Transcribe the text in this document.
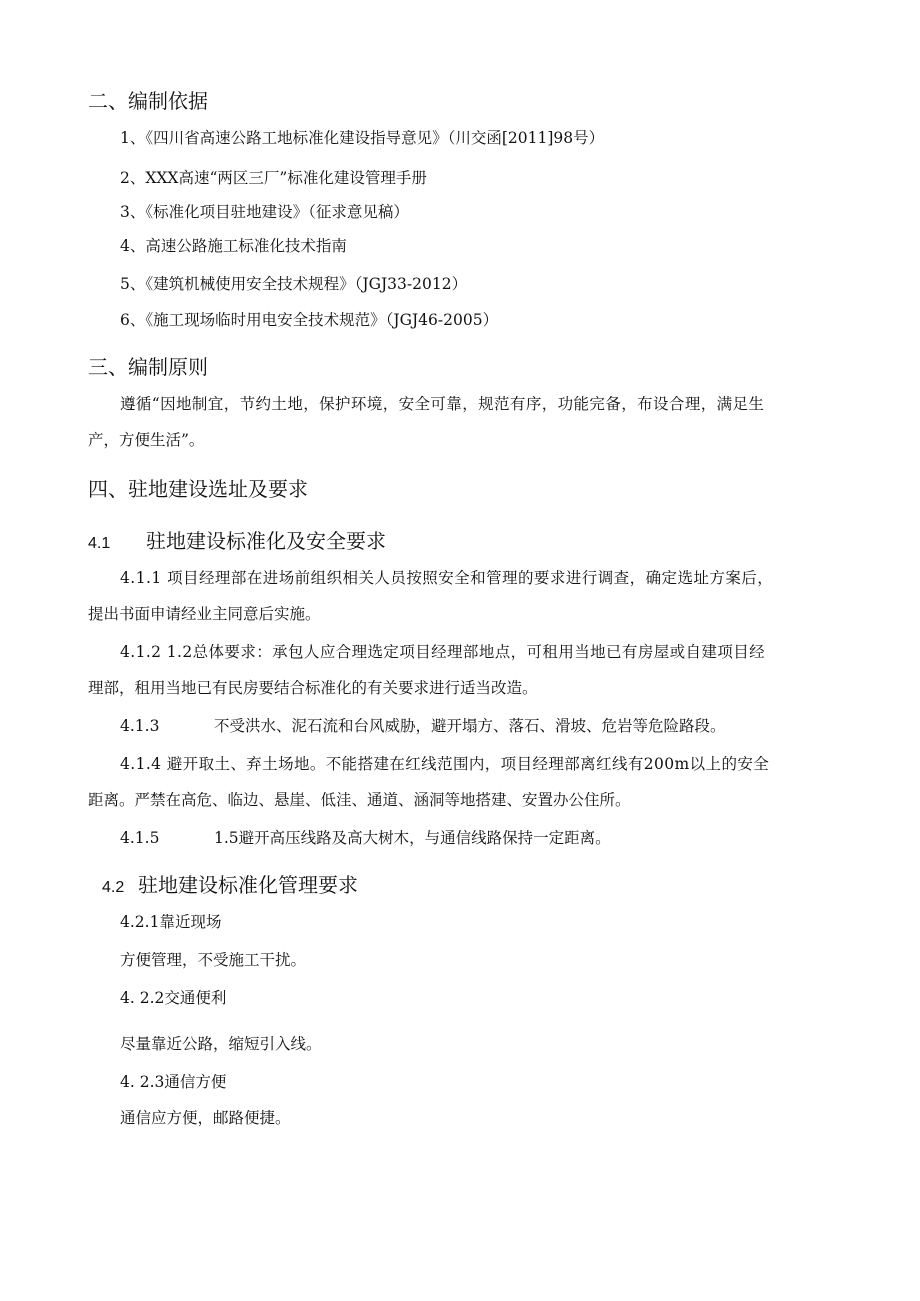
二、编制依据
1、《四川省高速公路工地标准化建设指导意见》（川交函[2011]98号）
2、XXX高速“两区三厂”标准化建设管理手册
3、《标准化项目驻地建设》（征求意见稿）
4、高速公路施工标准化技术指南
5、《建筑机械使用安全技术规程》（JGJ33-2012）
6、《施工现场临时用电安全技术规范》（JGJ46-2005）
三、编制原则
遵循“因地制宜，节约土地，保护环境，安全可靠，规范有序，功能完备，布设合理，满足生
产，方便生活”。
四、驻地建设选址及要求
4.1 驻地建设标准化及安全要求
4.1.1 项目经理部在进场前组织相关人员按照安全和管理的要求进行调查，确定选址方案后，
提出书面申请经业主同意后实施。
4.1.2 1.2总体要求：承包人应合理选定项目经理部地点，可租用当地已有房屋或自建项目经
理部，租用当地已有民房要结合标准化的有关要求进行适当改造。
4.1.3	不受洪水、泥石流和台风威胁，避开塌方、落石、滑坡、危岩等危险路段。
4.1.4 避开取土、弃土场地。不能搭建在红线范围内，项目经理部离红线有200m以上的安全
距离。严禁在高危、临边、悬崖、低洼、通道、涵洞等地搭建、安置办公住所。
4.1.5	1.5避开高压线路及高大树木，与通信线路保持一定距离。
4.2 驻地建设标准化管理要求
4.2.1靠近现场
方便管理，不受施工干扰。
4. 2.2交通便利
尽量靠近公路，缩短引入线。
4. 2.3通信方便
通信应方便，邮路便捷。
